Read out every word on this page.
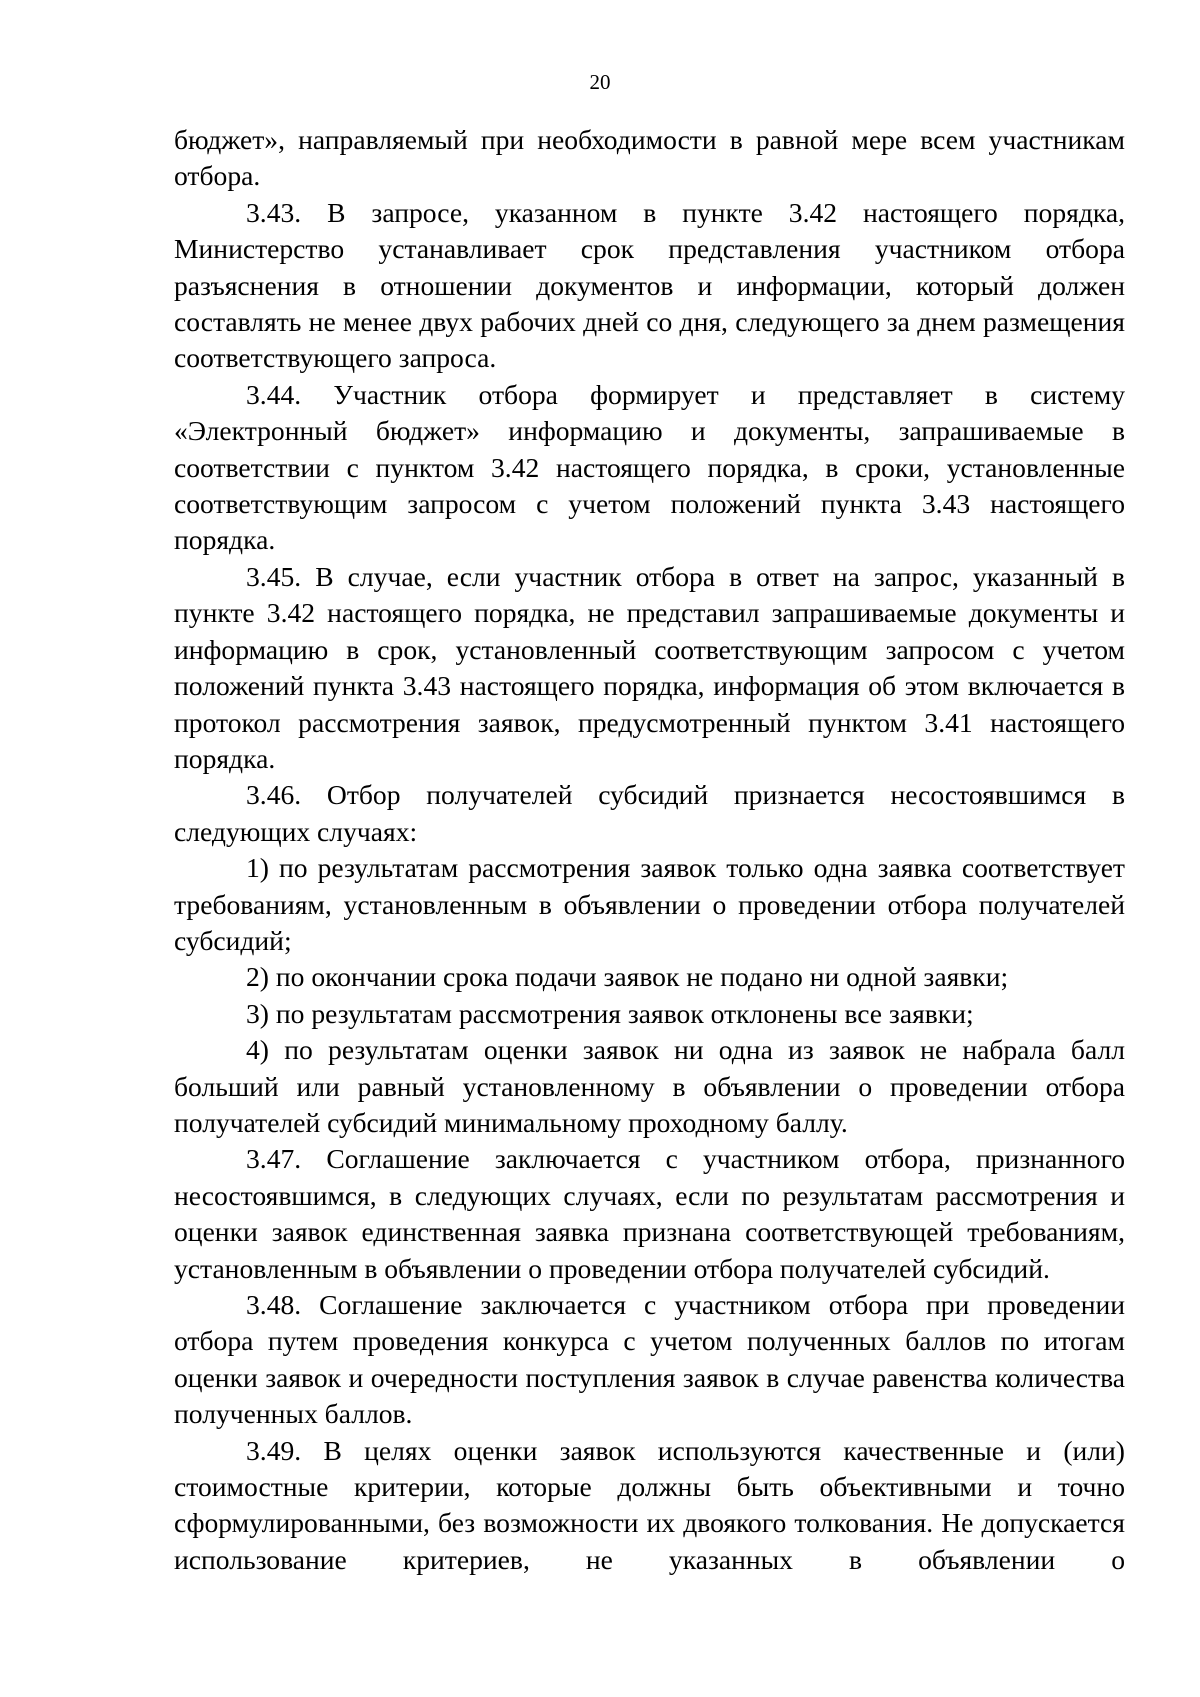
20

бюджет», направляемый при необходимости в равной мере всем участникам отбора.

3.43. В запросе, указанном в пункте 3.42 настоящего порядка, Министерство устанавливает срок представления участником отбора разъяснения в отношении документов и информации, который должен составлять не менее двух рабочих дней со дня, следующего за днем размещения соответствующего запроса.

3.44. Участник отбора формирует и представляет в систему «Электронный бюджет» информацию и документы, запрашиваемые в соответствии с пунктом 3.42 настоящего порядка, в сроки, установленные соответствующим запросом с учетом положений пункта 3.43 настоящего порядка.

3.45. В случае, если участник отбора в ответ на запрос, указанный в пункте 3.42 настоящего порядка, не представил запрашиваемые документы и информацию в срок, установленный соответствующим запросом с учетом положений пункта 3.43 настоящего порядка, информация об этом включается в протокол рассмотрения заявок, предусмотренный пунктом 3.41 настоящего порядка.

3.46. Отбор получателей субсидий признается несостоявшимся в следующих случаях:

1) по результатам рассмотрения заявок только одна заявка соответствует требованиям, установленным в объявлении о проведении отбора получателей субсидий;

2) по окончании срока подачи заявок не подано ни одной заявки;

3) по результатам рассмотрения заявок отклонены все заявки;

4) по результатам оценки заявок ни одна из заявок не набрала балл больший или равный установленному в объявлении о проведении отбора получателей субсидий минимальному проходному баллу.

3.47. Соглашение заключается с участником отбора, признанного несостоявшимся, в следующих случаях, если по результатам рассмотрения и оценки заявок единственная заявка признана соответствующей требованиям, установленным в объявлении о проведении отбора получателей субсидий.

3.48. Соглашение заключается с участником отбора при проведении отбора путем проведения конкурса с учетом полученных баллов по итогам оценки заявок и очередности поступления заявок в случае равенства количества полученных баллов.

3.49. В целях оценки заявок используются качественные и (или) стоимостные критерии, которые должны быть объективными и точно сформулированными, без возможности их двоякого толкования. Не допускается использование критериев, не указанных в объявлении о
